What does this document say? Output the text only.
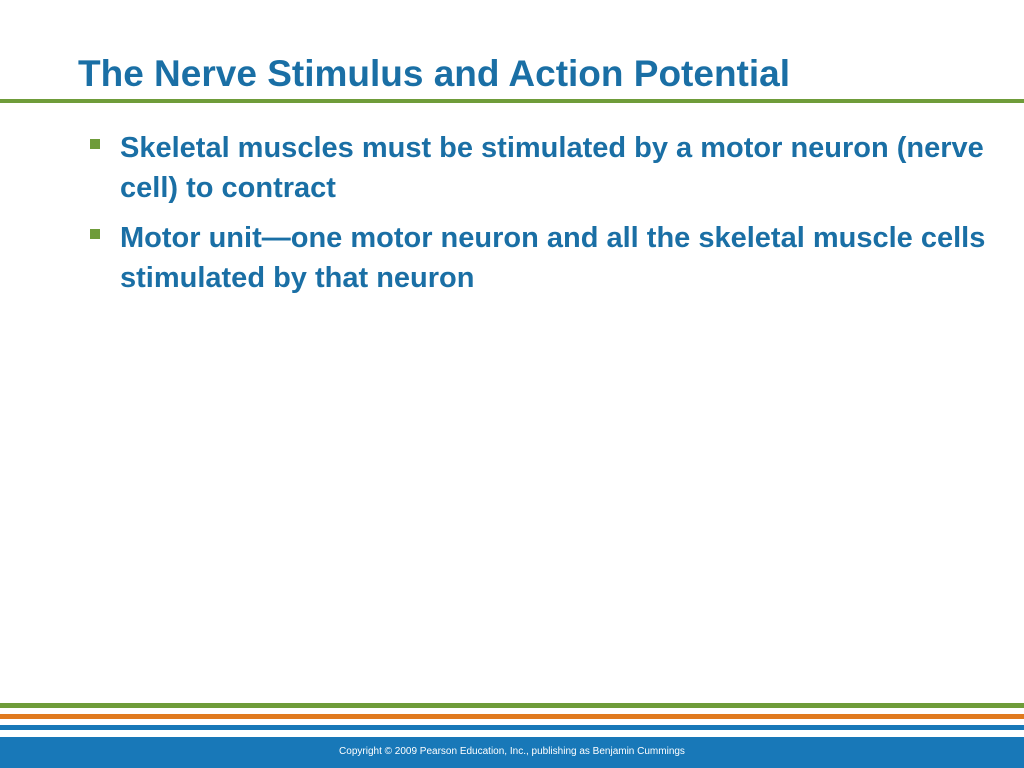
The Nerve Stimulus and Action Potential
Skeletal muscles must be stimulated by a motor neuron (nerve cell) to contract
Motor unit—one motor neuron and all the skeletal muscle cells stimulated by that neuron
Copyright © 2009 Pearson Education, Inc., publishing as Benjamin Cummings
